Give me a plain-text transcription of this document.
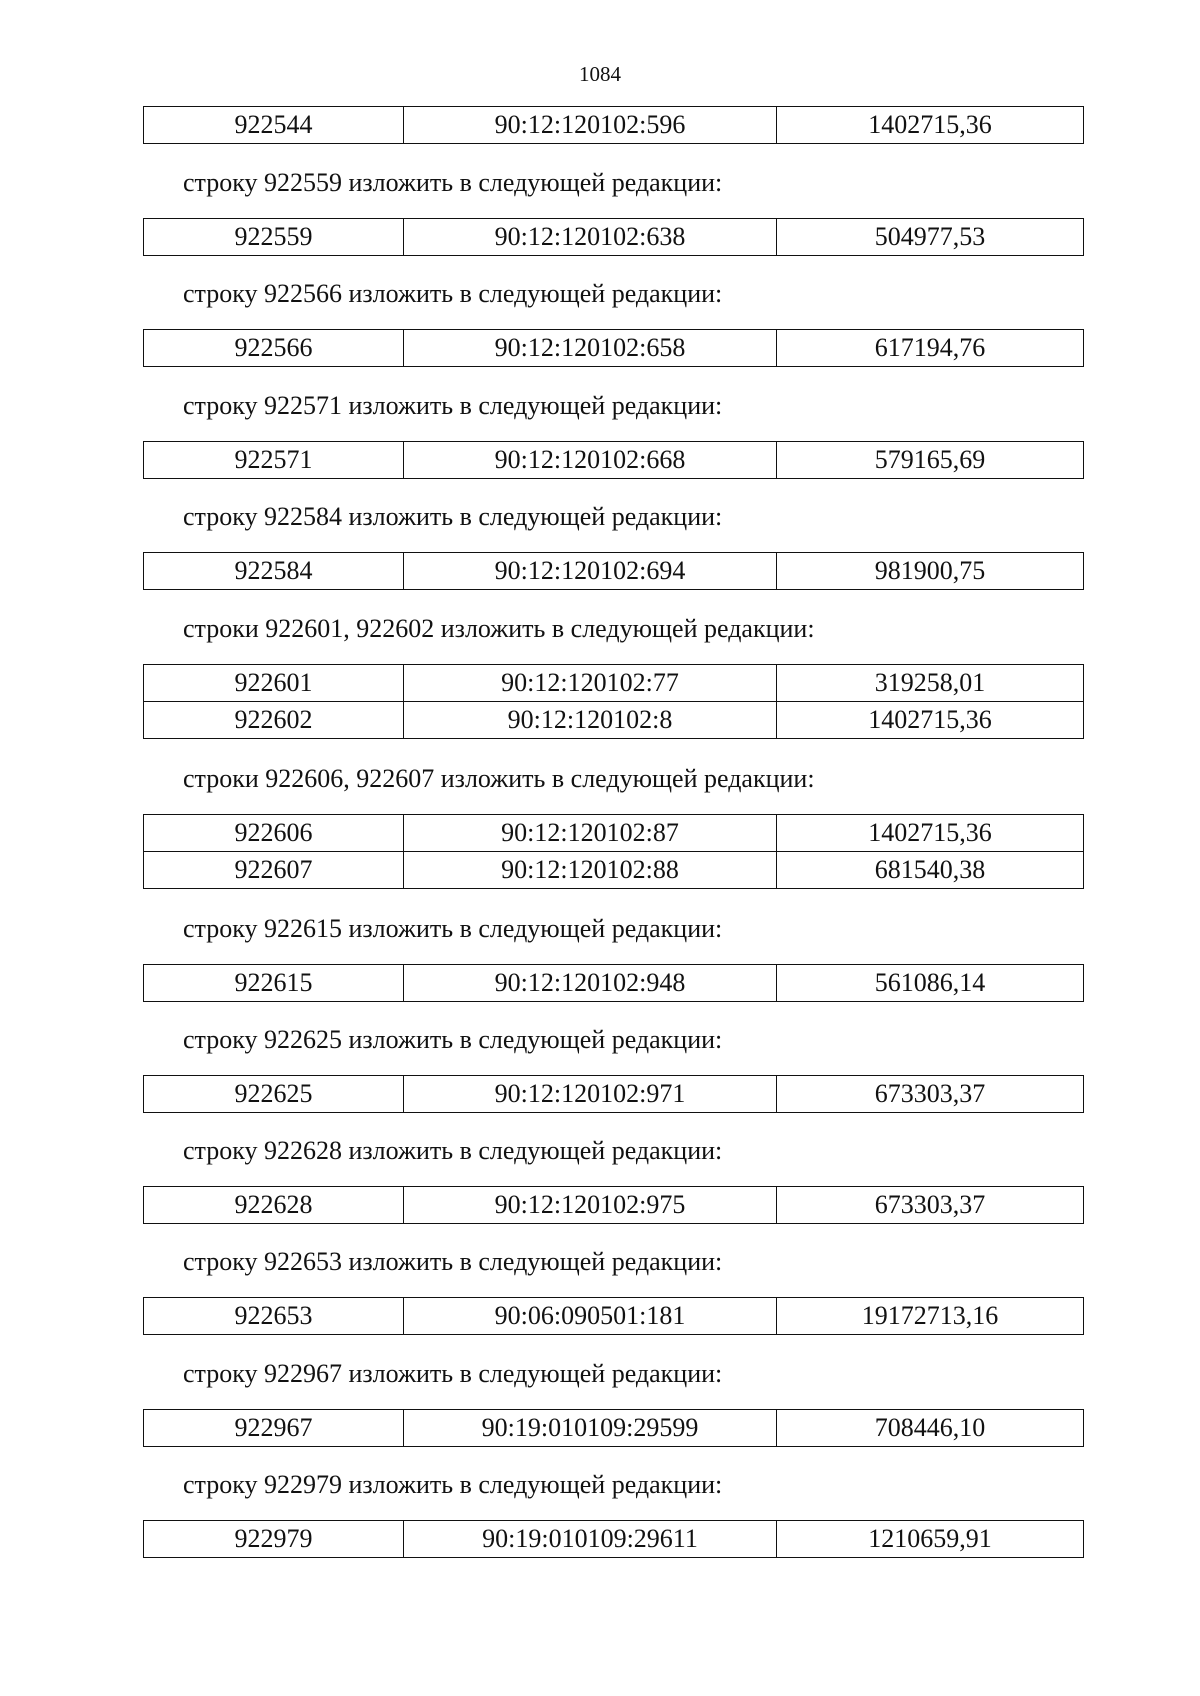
1084
922544	90:12:120102:596	1402715,36
строку 922559 изложить в следующей редакции:
922559	90:12:120102:638	504977,53
строку 922566 изложить в следующей редакции:
922566	90:12:120102:658	617194,76
строку 922571 изложить в следующей редакции:
922571	90:12:120102:668	579165,69
строку 922584 изложить в следующей редакции:
922584	90:12:120102:694	981900,75
строки 922601, 922602 изложить в следующей редакции:
922601	90:12:120102:77	319258,01
922602	90:12:120102:8	1402715,36
строки 922606, 922607 изложить в следующей редакции:
922606	90:12:120102:87	1402715,36
922607	90:12:120102:88	681540,38
строку 922615 изложить в следующей редакции:
922615	90:12:120102:948	561086,14
строку 922625 изложить в следующей редакции:
922625	90:12:120102:971	673303,37
строку 922628 изложить в следующей редакции:
922628	90:12:120102:975	673303,37
строку 922653 изложить в следующей редакции:
922653	90:06:090501:181	19172713,16
строку 922967 изложить в следующей редакции:
922967	90:19:010109:29599	708446,10
строку 922979 изложить в следующей редакции:
922979	90:19:010109:29611	1210659,91
